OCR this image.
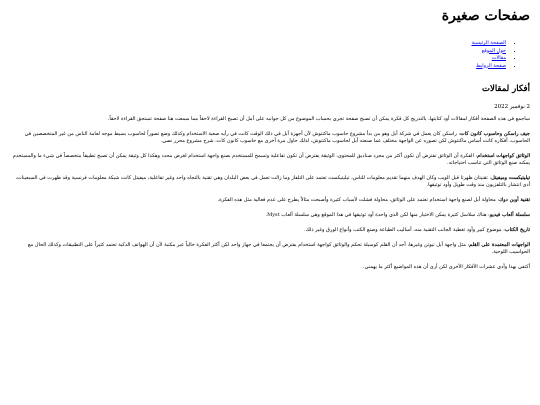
صفحات صغيرة
• الصفحة الرئيسية
• حول الموقع
• مقالات
• صفحة الروابط
أفكار لمقالات

2 نوفمبر 2022

ساجمع في هذه الصفحة أفكار لمقالات أود كتابتها، بالتدريج كل فكرة يمكن أن تصبح صفحة تجري بحساب الموضوع من كل جوانبه على أمل أن تصبح القراءة لاحقاً مما سمعت هنا صفحة تستحق القراءة لاحقاً.

جيف راسكن وحاسوب كانون كات: راسكن كان يعمل في شركة أبل وهو من بدأ مشروع حاسوب ماكنتوش لأن أجهزة أبل في ذلك الوقت كانت في رأيه صعبة الاستخدام وكذلك وضع تصوراً لحاسوب بسيط موجه لعامة الناس من غير المتخصصين في الحاسوب، أفكاره كانت أساس ماكنتوش لكن تصوره عن الواجهة مختلف عما صنعته أبل لحاسوب ماكنتوش، لذلك حاول مرة أخرى مع حاسوب كانون كات، شرح مشروع محرر نصي.

الوثائق كواجهات استخدام: الفكرة أن الوثائق تفترض أن تكون أكثر من مجرد صناديق للمحتوى، الوثيقة يفترض أن تكون تفاعلية وتسمح للمستخدم بصنع واجهة استخدام لغرض محدد وهكذا كل وثيقة يمكن أن تصبح تطبيقاً متخصصاً في شيء ما والمستخدم يمكنه صنع الوثائق التي تناسب احتياجاته.

تيليتيكست وميفيتل: تقنيتان ظهرتا قبل الويب وكان الهدف منهما تقديم معلومات للناس، تيليتيكست تعتمد على التلفاز وما زالت تعمل في بعض البلدان وهي تقنية بالتجاه واحد وغير تفاعلية، ميفيتل كانت شبكة معلومات فرنسية وقد ظهرت في السبعينات، أدى انتشار بالتلفزيون منذ وقت طويل وأود توثيقها.

تقنية أوبن دوك: محاولة أبل لصنع واجهة استخدام تعتمد على الوثائق، محاولة فشلت لأسباب كثيرة وأصبحت مثالاً يطرح على عدم فعالية مثل هذه الفكرة.

سلسلة ألعاب فيديو: هناك سلاسل كثيرة يمكن الاختيار منها لكن الذي واحدة أود توثيقها في هذا الموقع وهي سلسلة ألعاب Myst.

تاريخ الكتاب: موضوع كبير وأود تغطية الجانب التقنية منه، أساليب الطباعة وصنع الكتب وأنواع الورق وغير ذلك.

الواجهات المعتمدة على القلم: مثل واجهة أبل نيوتن وغيرها، أجد أن القلم كوسيلة تحكم والوثائق كواجهة استخدام يفترض أن يجتمعا في جهاز واحد لكن أكثر الفكرة حالياً عبر مكتبة لأن أن الهواتف الذكية تعتمد كثيراً على التطبيقات وكذلك الحال مع الحواسيب اللوحية.

أكتفي بهذا وأدي عشرات الأفكار الأخرى لكن أرى أن هذه المواضيع أكثر ما يهمني.
